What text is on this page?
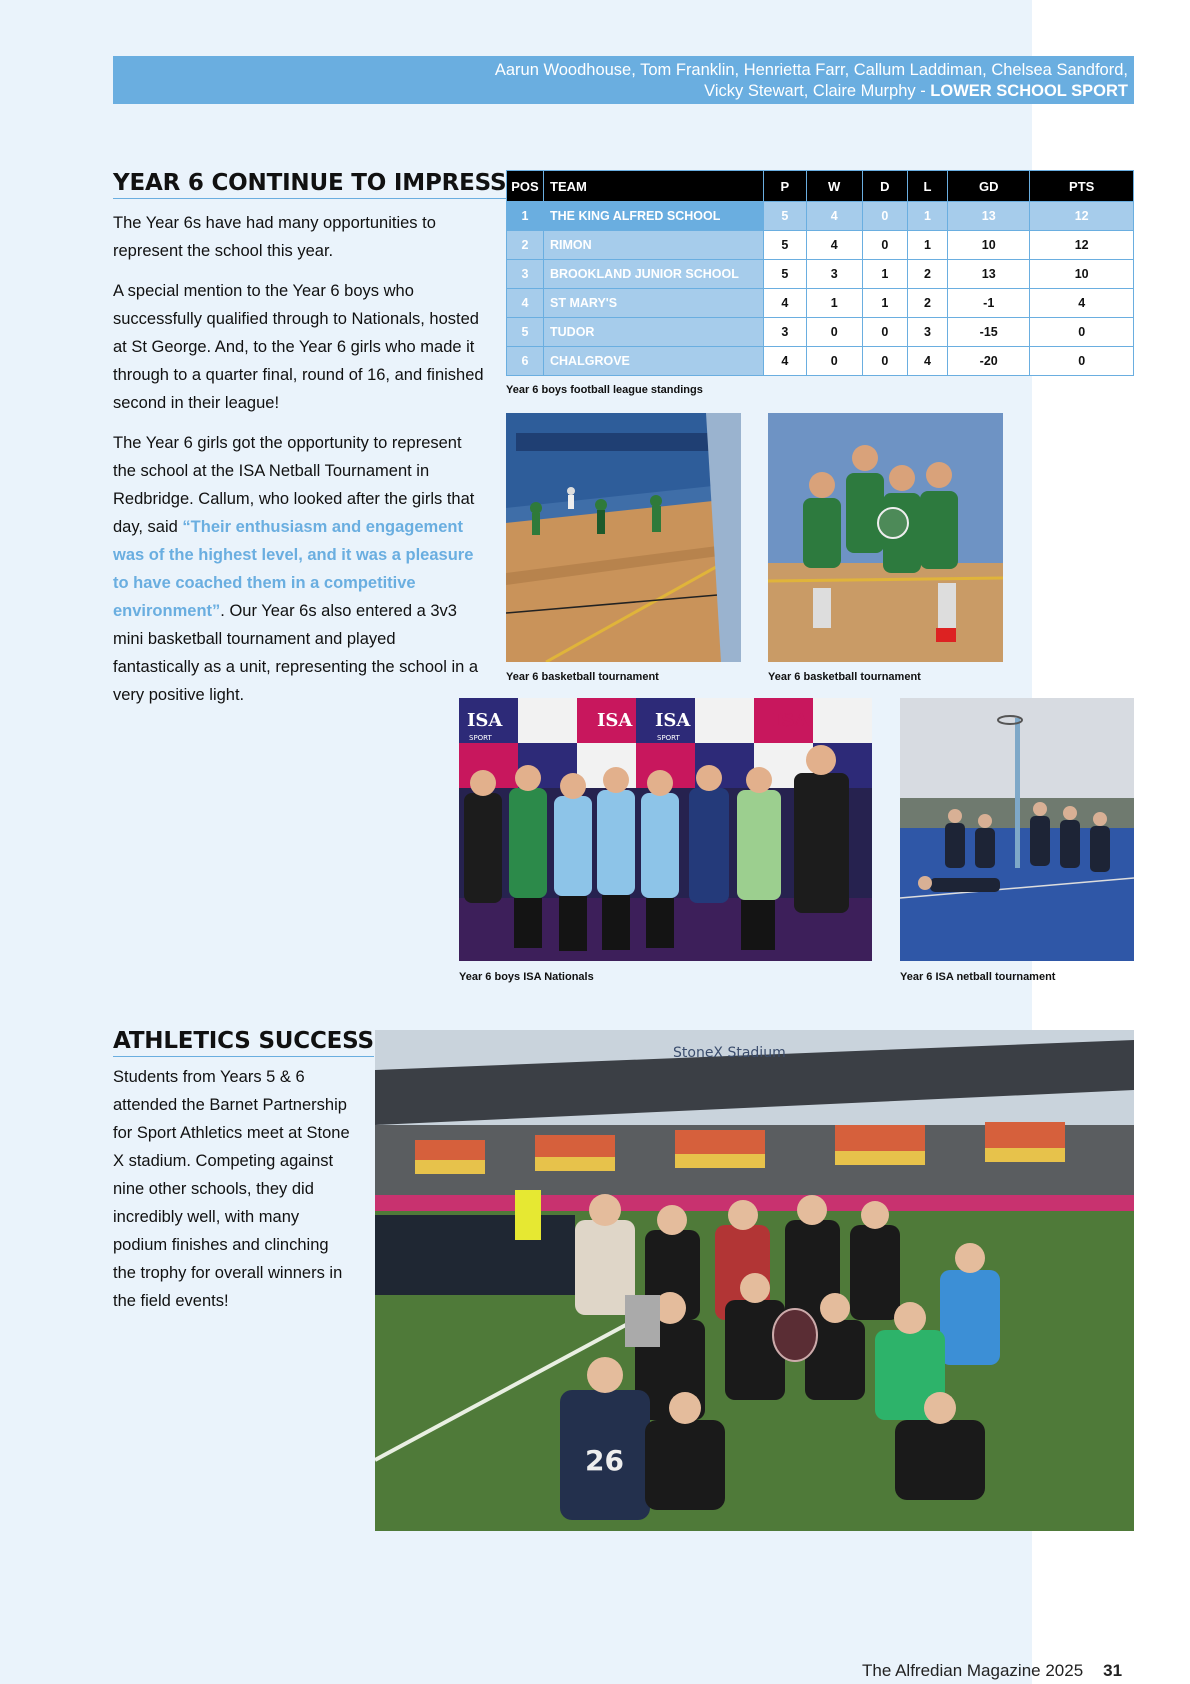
Aarun Woodhouse, Tom Franklin, Henrietta Farr, Callum Laddiman, Chelsea Sandford,
Vicky Stewart, Claire Murphy - LOWER SCHOOL SPORT
YEAR 6 CONTINUE TO IMPRESS

The Year 6s have had many opportunities to represent the school this year.

A special mention to the Year 6 boys who successfully qualified through to Nationals, hosted at St George. And, to the Year 6 girls who made it through to a quarter final, round of 16, and finished second in their league!

The Year 6 girls got the opportunity to represent the school at the ISA Netball Tournament in Redbridge. Callum, who looked after the girls that day, said “Their enthusiasm and engagement was of the highest level, and it was a pleasure to have coached them in a competitive environment”. Our Year 6s also entered a 3v3 mini basketball tournament and played fantastically as a unit, representing the school in a very positive light.

POS	TEAM	P	W	D	L	GD	PTS
1	THE KING ALFRED SCHOOL	5	4	0	1	13	12
2	RIMON	5	4	0	1	10	12
3	BROOKLAND JUNIOR SCHOOL	5	3	1	2	13	10
4	ST MARY'S	4	1	1	2	-1	4
5	TUDOR	3	0	0	3	-15	0
6	CHALGROVE	4	0	0	4	-20	0
Year 6 boys football league standings
Year 6 basketball tournament	Year 6 basketball tournament
ISA	ISA ISA	ISA
SPORT	SPORT
Year 6 boys ISA Nationals	Year 6 ISA netball tournament
ATHLETICS SUCCESS

Students from Years 5 & 6 attended the Barnet Partnership for Sport Athletics meet at Stone X stadium. Competing against nine other schools, they did incredibly well, with many podium finishes and clinching the trophy for overall winners in the field events!

StoneX Stadium
26
The Alfredian Magazine 2025 31
